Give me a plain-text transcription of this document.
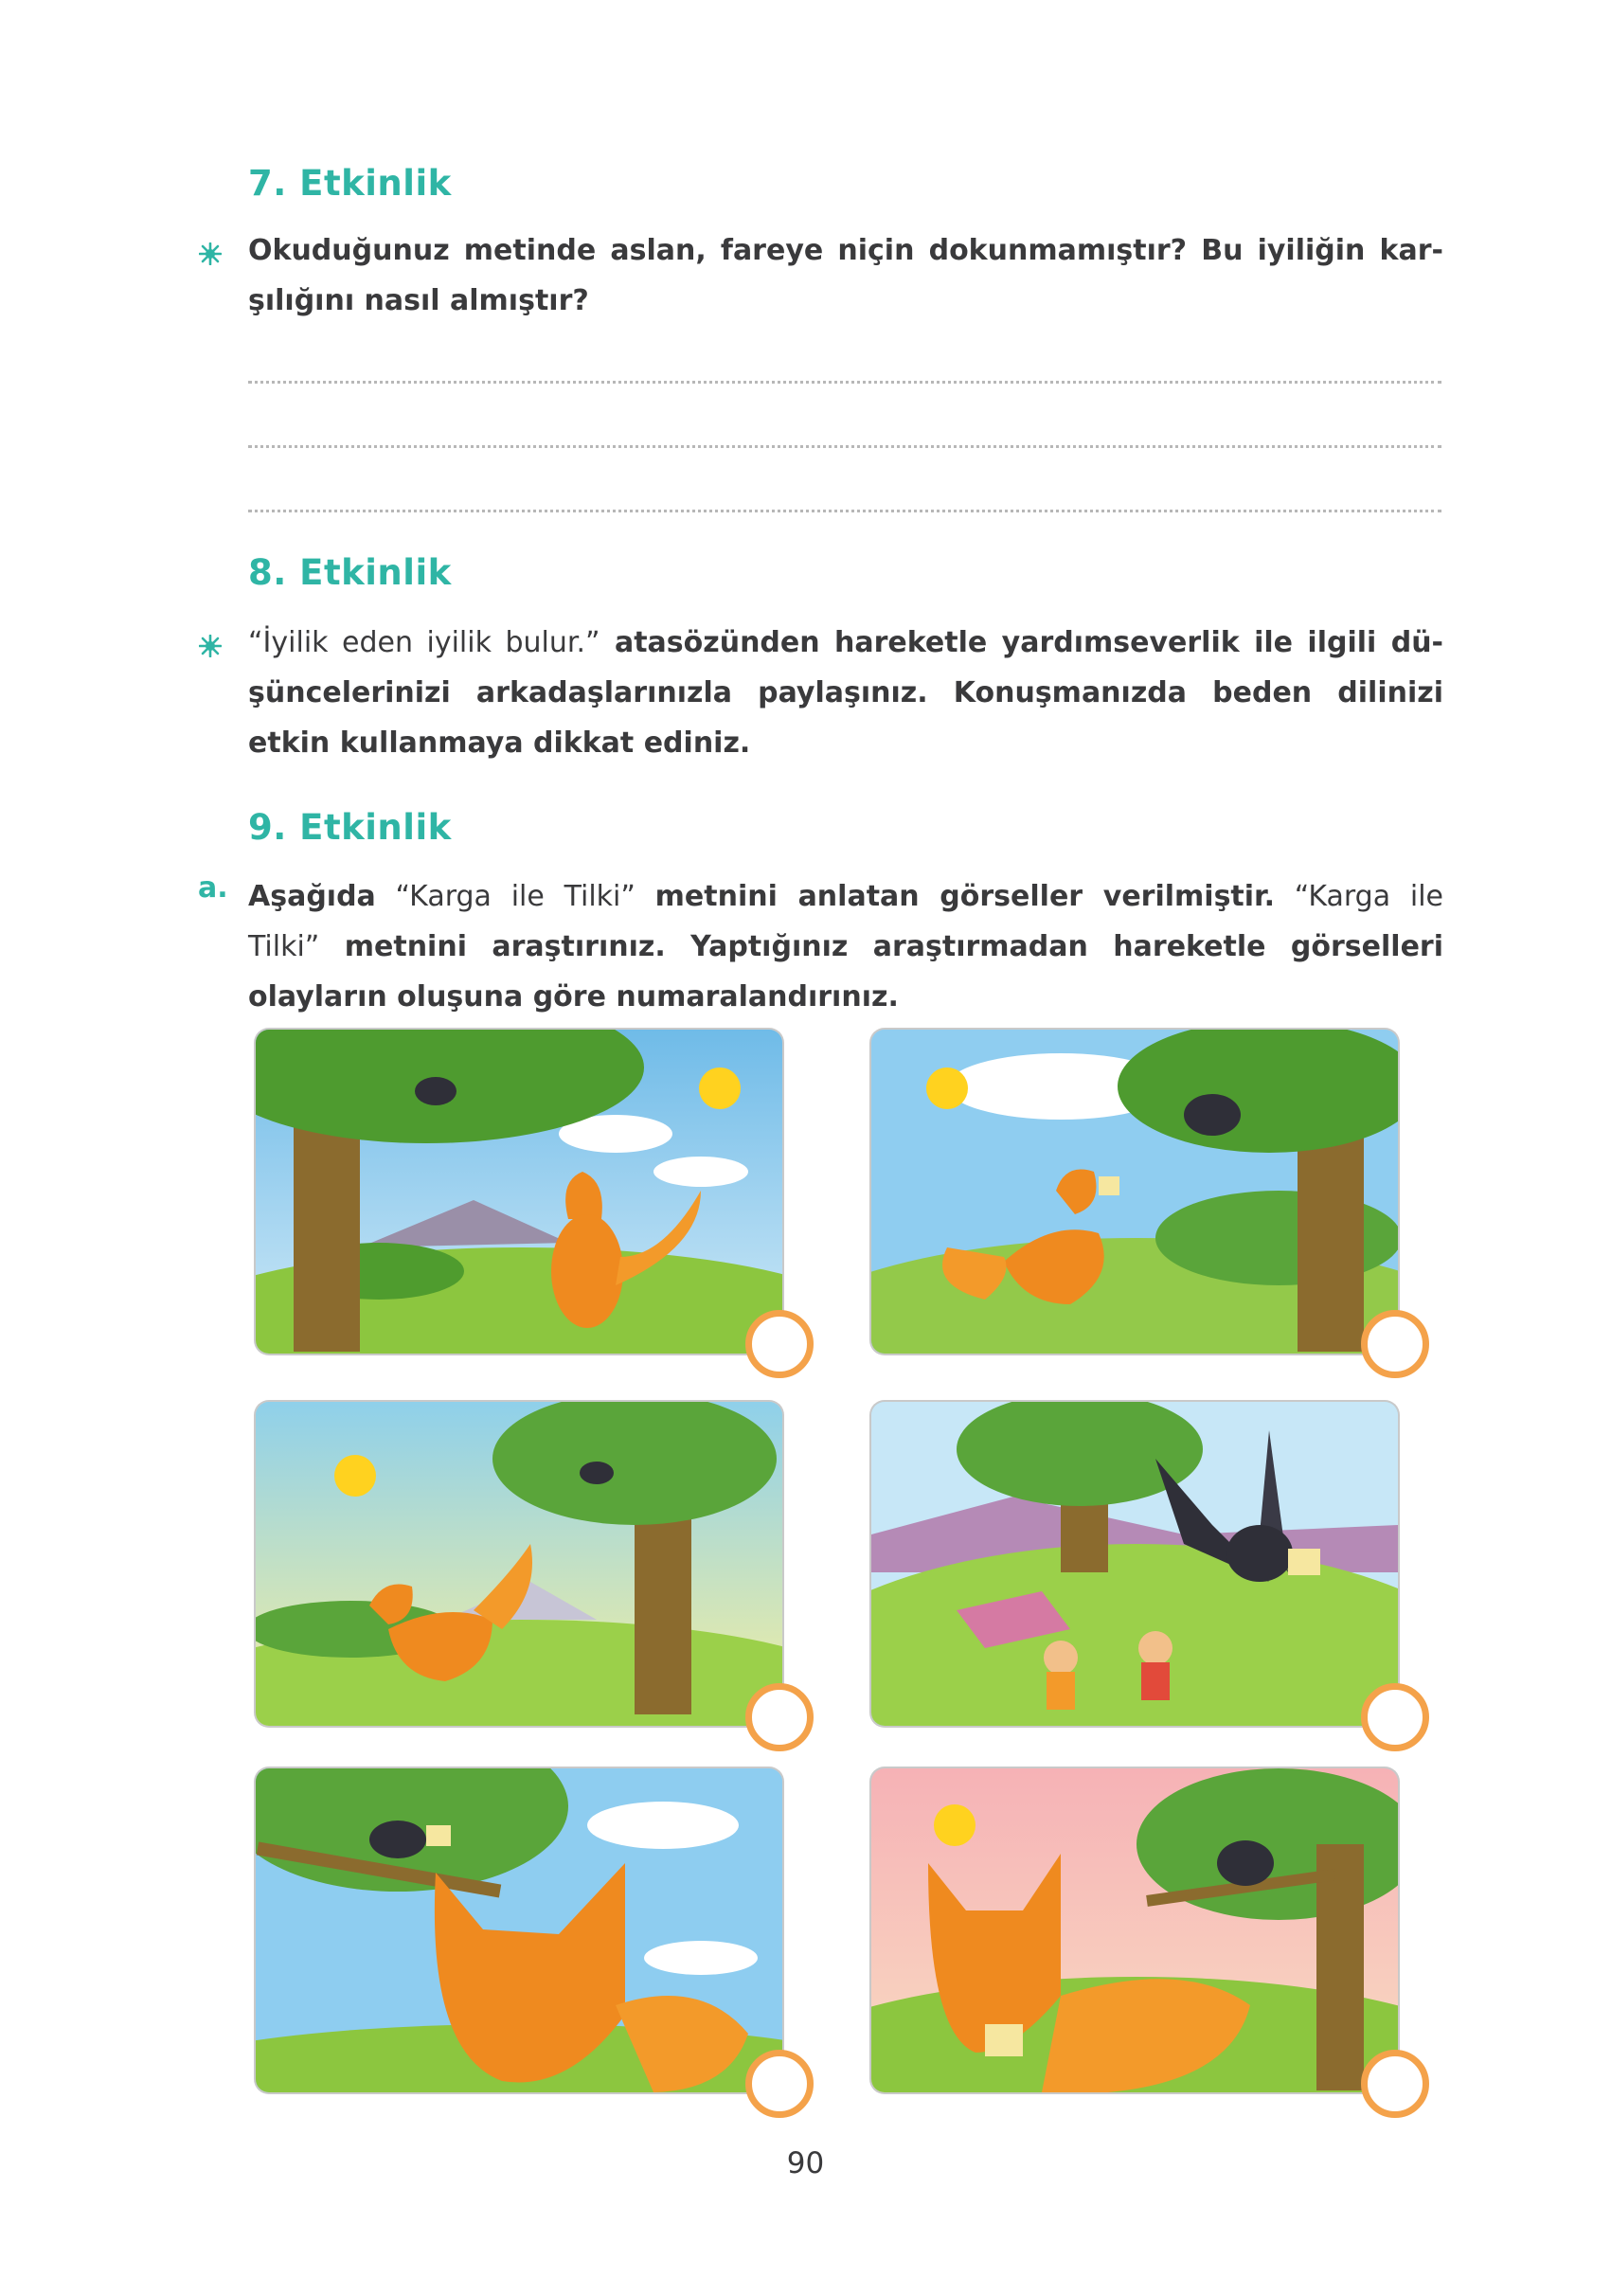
7. Etkinlik
Okuduğunuz metinde aslan, fareye niçin dokunmamıştır? Bu iyiliğin kar-
şılığını nasıl almıştır?
8. Etkinlik
“İyilik eden iyilik bulur.” atasözünden hareketle yardımseverlik ile ilgili dü-
şüncelerinizi arkadaşlarınızla paylaşınız. Konuşmanızda beden dilinizi
etkin kullanmaya dikkat ediniz.
9. Etkinlik
a. Aşağıda “Karga ile Tilki” metnini anlatan görseller verilmiştir. “Karga ile
Tilki” metnini araştırınız. Yaptığınız araştırmadan hareketle görselleri
olayların oluşuna göre numaralandırınız.
90
